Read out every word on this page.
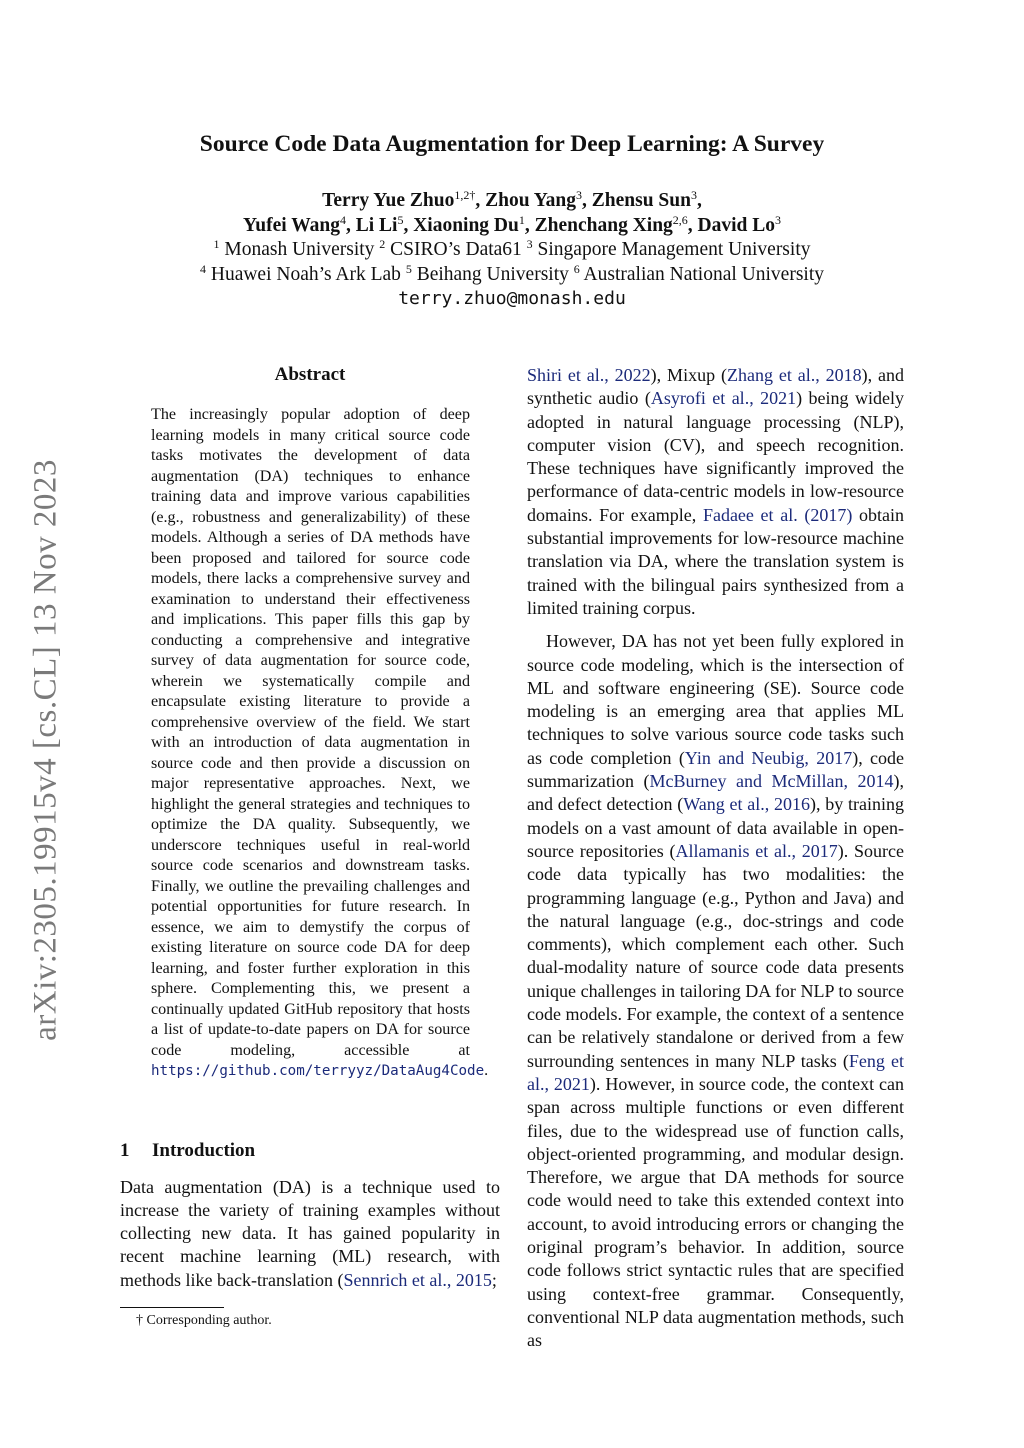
arXiv:2305.19915v4 [cs.CL] 13 Nov 2023
Source Code Data Augmentation for Deep Learning: A Survey
Terry Yue Zhuo$^{1,2\dagger}$, Zhou Yang$^3$, Zhensu Sun$^3$,
Yufei Wang$^4$, Li Li$^5$, Xiaoning Du$^1$, Zhenchang Xing$^{2,6}$, David Lo$^3$
$^1$ Monash University $^2$ CSIRO’s Data61 $^3$ Singapore Management University
$^4$ Huawei Noah’s Ark Lab $^5$ Beihang University $^6$ Australian National University
terry.zhuo@monash.edu
Abstract

The increasingly popular adoption of deep learning models in many critical source code tasks motivates the development of data augmentation (DA) techniques to enhance training data and improve various capabilities (e.g., robustness and generalizability) of these models. Although a series of DA methods have been proposed and tailored for source code models, there lacks a comprehensive survey and examination to understand their effectiveness and implications. This paper fills this gap by conducting a comprehensive and integrative survey of data augmentation for source code, wherein we systematically compile and encapsulate existing literature to provide a comprehensive overview of the field. We start with an introduction of data augmentation in source code and then provide a discussion on major representative approaches. Next, we highlight the general strategies and techniques to optimize the DA quality. Subsequently, we underscore techniques useful in real-world source code scenarios and downstream tasks. Finally, we outline the prevailing challenges and potential opportunities for future research. In essence, we aim to demystify the corpus of existing literature on source code DA for deep learning, and foster further exploration in this sphere. Complementing this, we present a continually updated GitHub repository that hosts a list of update-to-date papers on DA for source code modeling, accessible at https://github.com/terryyz/DataAug4Code.

1 Introduction

Data augmentation (DA) is a technique used to increase the variety of training examples without collecting new data. It has gained popularity in recent machine learning (ML) research, with methods like back-translation (Sennrich et al., 2015;

Shiri et al., 2022), Mixup (Zhang et al., 2018), and synthetic audio (Asyrofi et al., 2021) being widely adopted in natural language processing (NLP), computer vision (CV), and speech recognition. These techniques have significantly improved the performance of data-centric models in low-resource domains. For example, Fadaee et al. (2017) obtain substantial improvements for low-resource machine translation via DA, where the translation system is trained with the bilingual pairs synthesized from a limited training corpus.

However, DA has not yet been fully explored in source code modeling, which is the intersection of ML and software engineering (SE). Source code modeling is an emerging area that applies ML techniques to solve various source code tasks such as code completion (Yin and Neubig, 2017), code summarization (McBurney and McMillan, 2014), and defect detection (Wang et al., 2016), by training models on a vast amount of data available in open-source repositories (Allamanis et al., 2017). Source code data typically has two modalities: the programming language (e.g., Python and Java) and the natural language (e.g., doc-strings and code comments), which complement each other. Such dual-modality nature of source code data presents unique challenges in tailoring DA for NLP to source code models. For example, the context of a sentence can be relatively standalone or derived from a few surrounding sentences in many NLP tasks (Feng et al., 2021). However, in source code, the context can span across multiple functions or even different files, due to the widespread use of function calls, object-oriented programming, and modular design. Therefore, we argue that DA methods for source code would need to take this extended context into account, to avoid introducing errors or changing the original program’s behavior. In addition, source code follows strict syntactic rules that are specified using context-free grammar. Consequently, conventional NLP data augmentation methods, such as

† Corresponding author.
